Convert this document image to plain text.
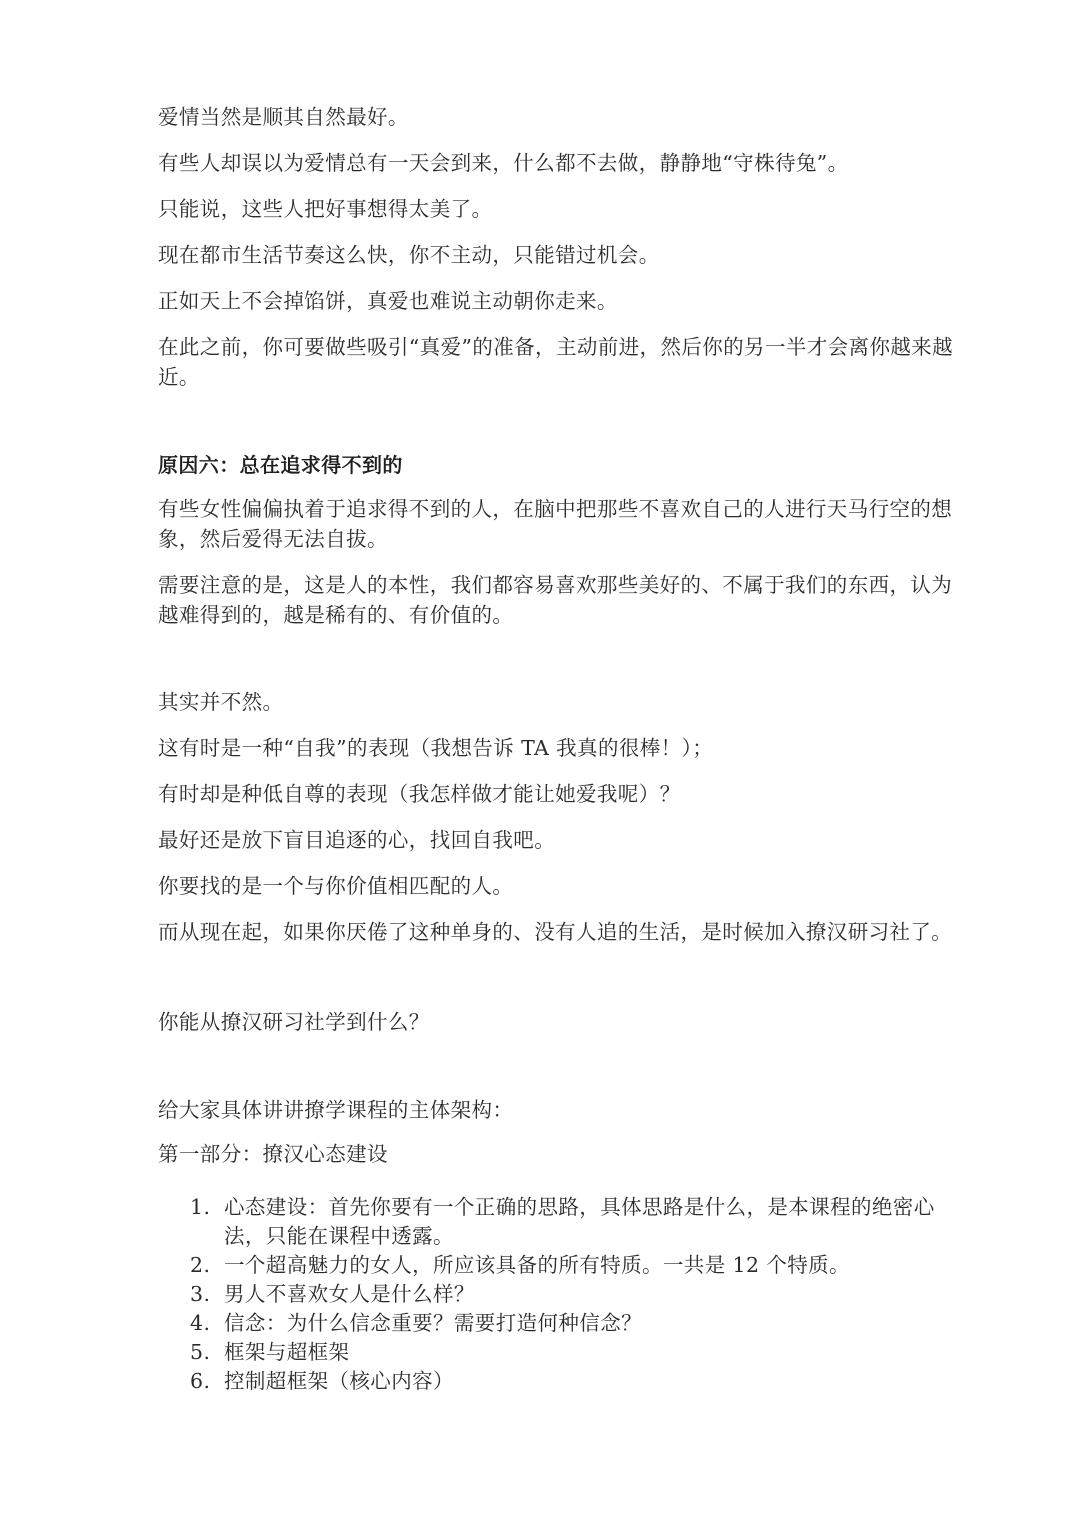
爱情当然是顺其自然最好。

有些人却误以为爱情总有一天会到来，什么都不去做，静静地“守株待兔”。

只能说，这些人把好事想得太美了。

现在都市生活节奏这么快，你不主动，只能错过机会。

正如天上不会掉馅饼，真爱也难说主动朝你走来。

在此之前，你可要做些吸引“真爱”的准备，主动前进，然后你的另一半才会离你越来越近。

原因六：总在追求得不到的

有些女性偏偏执着于追求得不到的人，在脑中把那些不喜欢自己的人进行天马行空的想象，然后爱得无法自拔。

需要注意的是，这是人的本性，我们都容易喜欢那些美好的、不属于我们的东西，认为越难得到的，越是稀有的、有价值的。

其实并不然。

这有时是一种“自我”的表现（我想告诉 TA 我真的很棒！）；

有时却是种低自尊的表现（我怎样做才能让她爱我呢）？

最好还是放下盲目追逐的心，找回自我吧。

你要找的是一个与你价值相匹配的人。

而从现在起，如果你厌倦了这种单身的、没有人追的生活，是时候加入撩汉研习社了。

你能从撩汉研习社学到什么？

给大家具体讲讲撩学课程的主体架构：

第一部分：撩汉心态建设

1. 心态建设：首先你要有一个正确的思路，具体思路是什么，是本课程的绝密心法，只能在课程中透露。
2. 一个超高魅力的女人，所应该具备的所有特质。一共是 12 个特质。
3. 男人不喜欢女人是什么样？
4. 信念：为什么信念重要？需要打造何种信念？
5. 框架与超框架
6. 控制超框架（核心内容）
